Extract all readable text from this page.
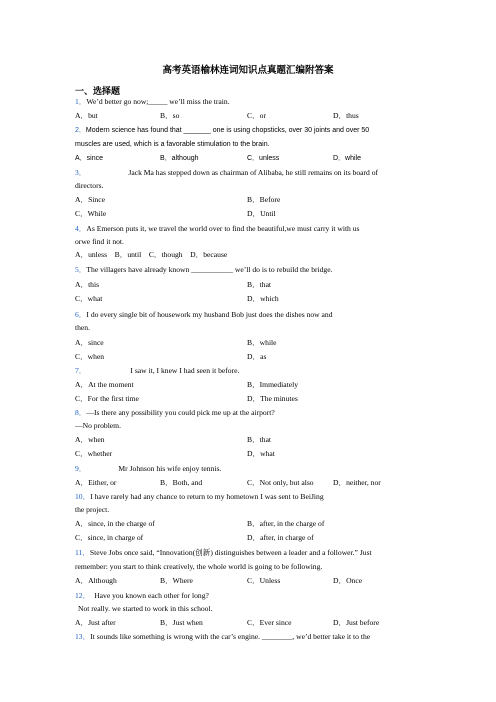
高考英语榆林连词知识点真题汇编附答案
一、选择题
1．We’d better go now;_____ we’ll miss the train.
A．but	B．so	C．or	D．thus
2．Modern science has found that _______ one is using chopsticks, over 30 joints and over 50
muscles are used, which is a favorable stimulation to the brain.
A．since	B．although	C．unless	D．while
3．	Jack Ma has stepped down as chairman of Alibaba, he still remains on its board of
directors.
A．Since	B．Before
C．While	D．Until
4．As Emerson puts it, we travel the world over to find the beautiful,we must carry it with us
orwe find it not.
A．unless　B．until　C．though　D．because
5．The villagers have already known ___________ we’ll do is to rebuild the bridge.
A．this	B．that
C．what	D．which
6．I do every single bit of housework my husband Bob just does the dishes now and
then.
A．since	B．while
C．when	D．as
7．	I saw it, I knew I had seen it before.
A．At the moment	B．Immediately
C．For the first time	D．The minutes
8．—Is there any possibility you could pick me up at the airport?
—No problem.
A．when	B．that
C．whether	D．what
9．	Mr Johnson his wife enjoy tennis.
A．Either, or	B．Both, and	C．Not only, but also	D．neither, nor
10．I have rarely had any chance to return to my hometown I was sent to BeiJing
the project.
A．since, in the charge of	B．after, in the charge of
C．since, in charge of	D．after, in charge of
11．Steve Jobs once said, “Innovation(创新) distinguishes between a leader and a follower.” Just
remember: you start to think creatively, the whole world is going to be following.
A．Although	B．Where	C．Unless	D．Once
12． Have you known each other for long?
Not really. we started to work in this school.
A．Just after	B．Just when	C．Ever since	D．Just before
13．It sounds like something is wrong with the car’s engine. ________, we’d better take it to the
